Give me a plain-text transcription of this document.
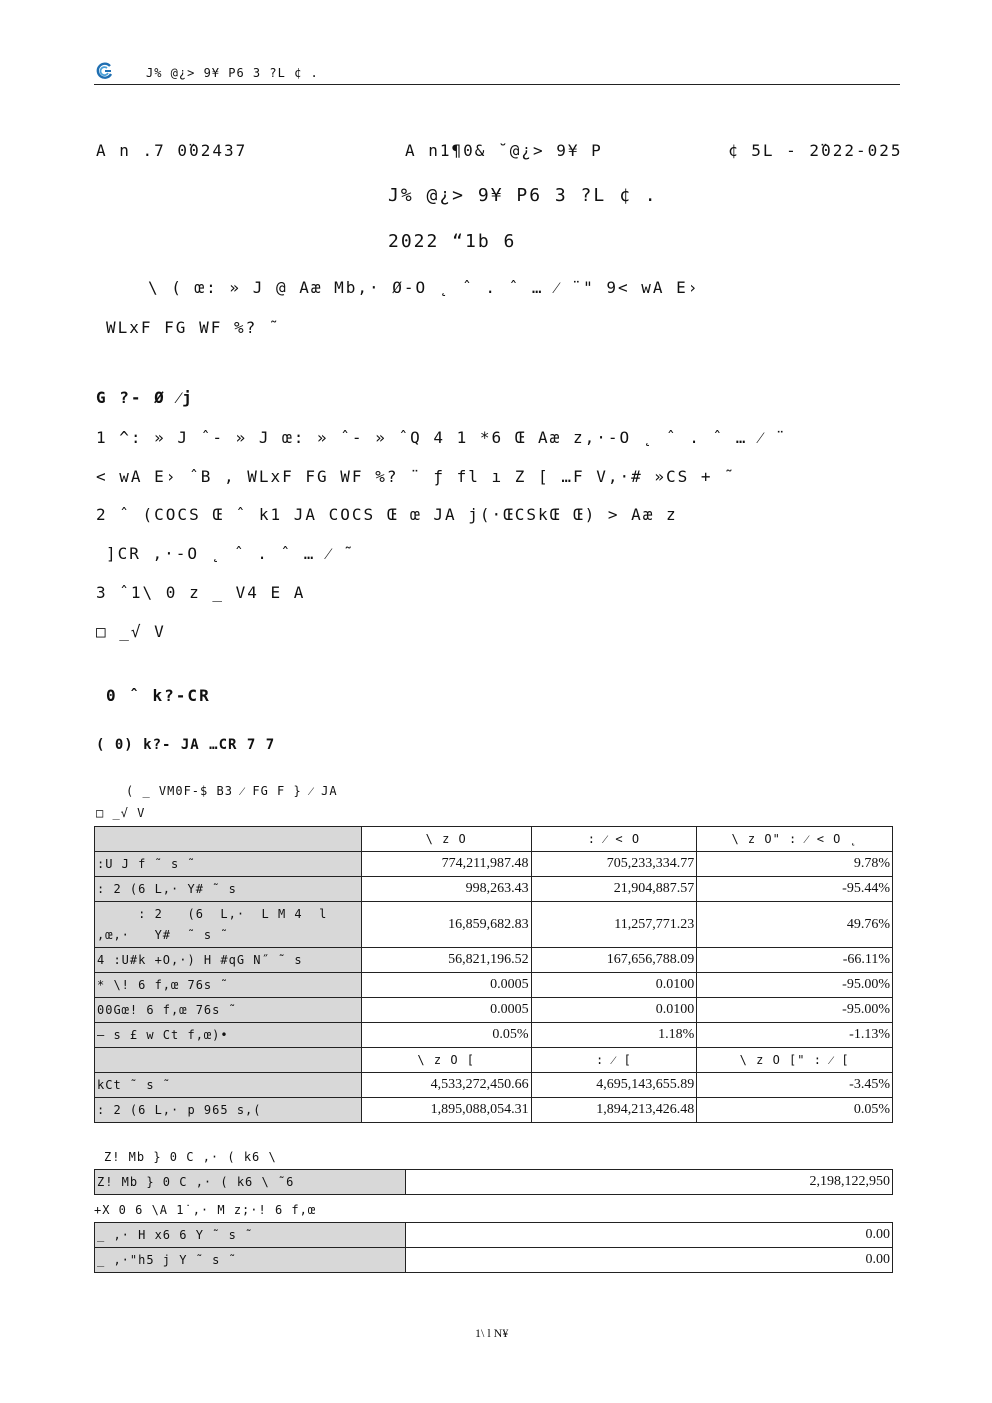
J% @¿> 9¥ P6 3 ?L ¢ .
A n .7 0̈02437	A n1¶0& ˘@¿> 9¥ P	¢ 5L - 2̈022-025
J% @¿> 9¥ P6 3 ?L ¢ .
2022 “1b 6
\ ( œ: » J @ Aæ Mb,· Ø-O ˛ ˆ . ˆ … ⁄ ¨" 9< wA E›
WLxF FG WF %? ˜
G ?- Ø ⁄j
1 ^: » J ˆ- » J œ: » ˆ- » ˆQ 4 1 *6 Œ Aæ z,·-O ˛ ˆ . ˆ … ⁄ ¨
< wA E› ˆB , WLxF FG WF %? ¨ ƒ fl ı Z [ …F V,·# »CS + ˜
2 ˆ (COCS Œ ˆ k1 JA COCS Œ œ JA j(·ŒCSkŒ Œ) > Aæ z
]CR ,·-O ˛ ˆ . ˆ … ⁄ ˜
3 ˆ1\ 0 z _ V4 E A
□ _√ V
0 ˆ k?-CR
( 0) k?- JA …CR 7 7
( _ VM0F-$ B3 ⁄ FG F } ⁄ JA
□ _√ V
	\ z O	: ⁄ < O	\ z O" : ⁄ < O ˛
:U J f ˜ s ˜	774,211,987.48	705,233,334.77	9.78%
: 2 (6 L,· Y# ˜ s	998,263.43	21,904,887.57	-95.44%
: 2   (6  L,·  L M 4  l
,œ,·   Y#  ˜ s ˜	16,859,682.83	11,257,771.23	49.76%
4 :U#k +O,·) H #qG N˝ ˜ s	56,821,196.52	167,656,788.09	-66.11%
* \! 6 f,œ 76s ˜	0.0005	0.0100	-95.00%
00Gœ! 6 f,œ 76s ˜	0.0005	0.0100	-95.00%
— s £ w Ct f,œ)•	0.05%	1.18%	-1.13%
	\ z O [	: ⁄ [	\ z O [" : ⁄ [
kCt ˜ s ˜	4,533,272,450.66	4,695,143,655.89	-3.45%
: 2 (6 L,· p 965 s,(	1,895,088,054.31	1,894,213,426.48	0.05%
Z! Mb } 0 C ,· ( k6 \
Z! Mb } 0 C ,· ( k6 \ ˜6	2,198,122,950
+X 0 6 \A 1˙,· M z;·! 6 f,œ
_ ,· H x6 6 Y ˜ s ˜	0.00
_ ,·"h5 j Y ˜ s ˜	0.00
1\ l N¥
